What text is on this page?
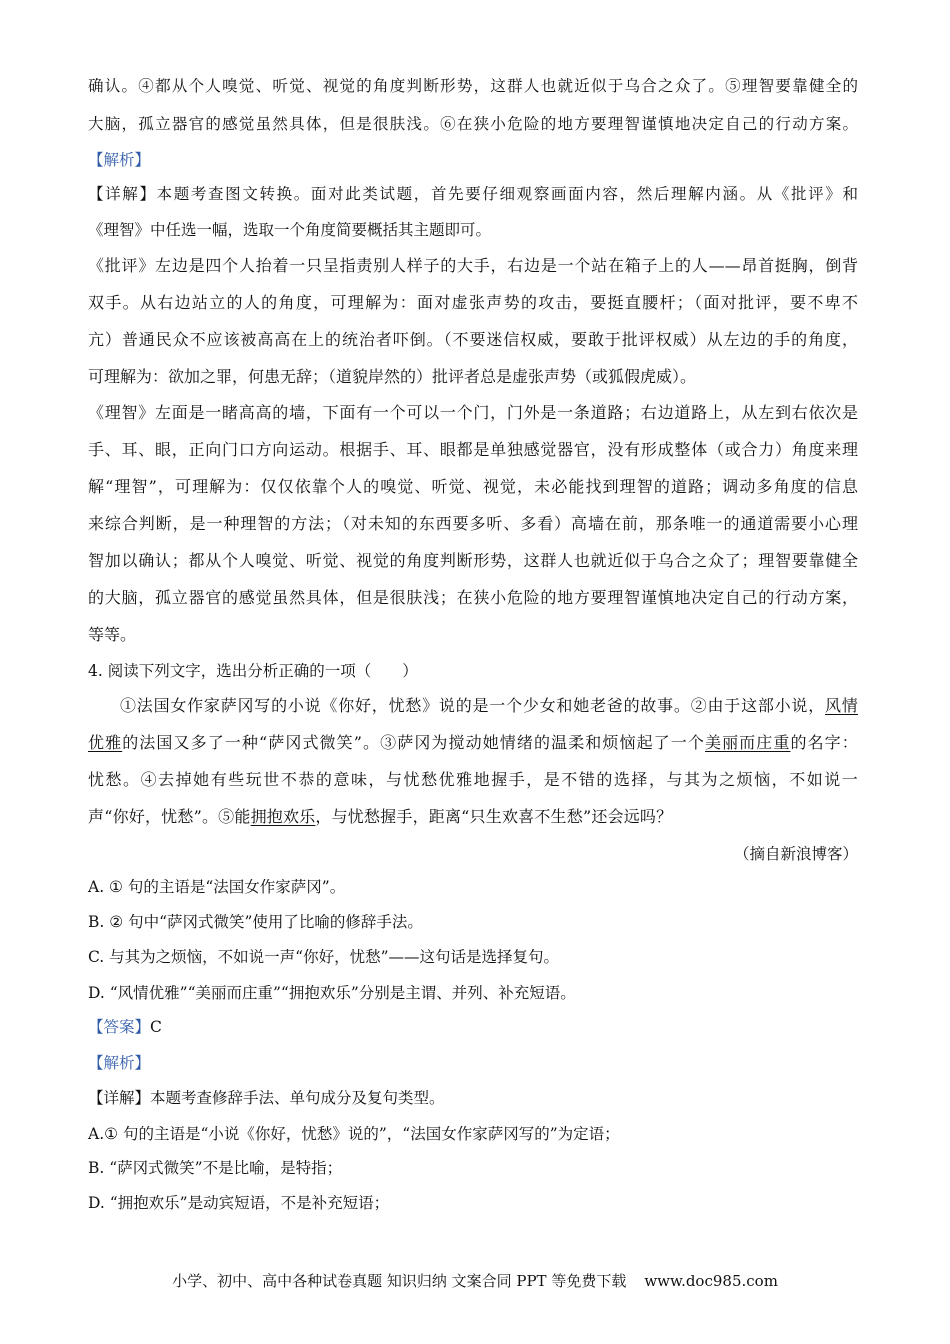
确认。④都从个人嗅觉、听觉、视觉的角度判断形势，这群人也就近似于乌合之众了。⑤理智要靠健全的
大脑，孤立器官的感觉虽然具体，但是很肤浅。⑥在狭小危险的地方要理智谨慎地决定自己的行动方案。
【解析】
【详解】本题考查图文转换。面对此类试题，首先要仔细观察画面内容，然后理解内涵。从《批评》和
《理智》中任选一幅，选取一个角度简要概括其主题即可。
《批评》左边是四个人抬着一只呈指责别人样子的大手，右边是一个站在箱子上的人——昂首挺胸，倒背
双手。从右边站立的人的角度，可理解为：面对虚张声势的攻击，要挺直腰杆；（面对批评，要不卑不
亢）普通民众不应该被高高在上的统治者吓倒。（不要迷信权威，要敢于批评权威）从左边的手的角度，
可理解为：欲加之罪，何患无辞；（道貌岸然的）批评者总是虚张声势（或狐假虎威）。
《理智》左面是一睹高高的墙，下面有一个可以一个门，门外是一条道路；右边道路上，从左到右依次是
手、耳、眼，正向门口方向运动。根据手、耳、眼都是单独感觉器官，没有形成整体（或合力）角度来理
解“理智”，可理解为：仅仅依靠个人的嗅觉、听觉、视觉，未必能找到理智的道路；调动多角度的信息
来综合判断，是一种理智的方法；（对未知的东西要多听、多看）高墙在前，那条唯一的通道需要小心理
智加以确认；都从个人嗅觉、听觉、视觉的角度判断形势，这群人也就近似于乌合之众了；理智要靠健全
的大脑，孤立器官的感觉虽然具体，但是很肤浅；在狭小危险的地方要理智谨慎地决定自己的行动方案，
等等。
4. 阅读下列文字，选出分析正确的一项（　　）
①法国女作家萨冈写的小说《你好，忧愁》说的是一个少女和她老爸的故事。②由于这部小说，风情
优雅的法国又多了一种“萨冈式微笑”。③萨冈为搅动她情绪的温柔和烦恼起了一个美丽而庄重的名字：
忧愁。④去掉她有些玩世不恭的意味，与忧愁优雅地握手，是不错的选择，与其为之烦恼，不如说一
声“你好，忧愁”。⑤能拥抱欢乐，与忧愁握手，距离“只生欢喜不生愁”还会远吗？
（摘自新浪博客）
A. ① 句的主语是“法国女作家萨冈”。
B. ② 句中“萨冈式微笑”使用了比喻的修辞手法。
C. 与其为之烦恼，不如说一声“你好，忧愁”——这句话是选择复句。
D. “风情优雅”“美丽而庄重”“拥抱欢乐”分别是主谓、并列、补充短语。
【答案】C
【解析】
【详解】本题考查修辞手法、单句成分及复句类型。
A.① 句的主语是“小说《你好，忧愁》说的”，“法国女作家萨冈写的”为定语；
B. “萨冈式微笑”不是比喻，是特指；
D. “拥抱欢乐”是动宾短语，不是补充短语；
小学、初中、高中各种试卷真题 知识归纳 文案合同 PPT 等免费下载 www.doc985.com
